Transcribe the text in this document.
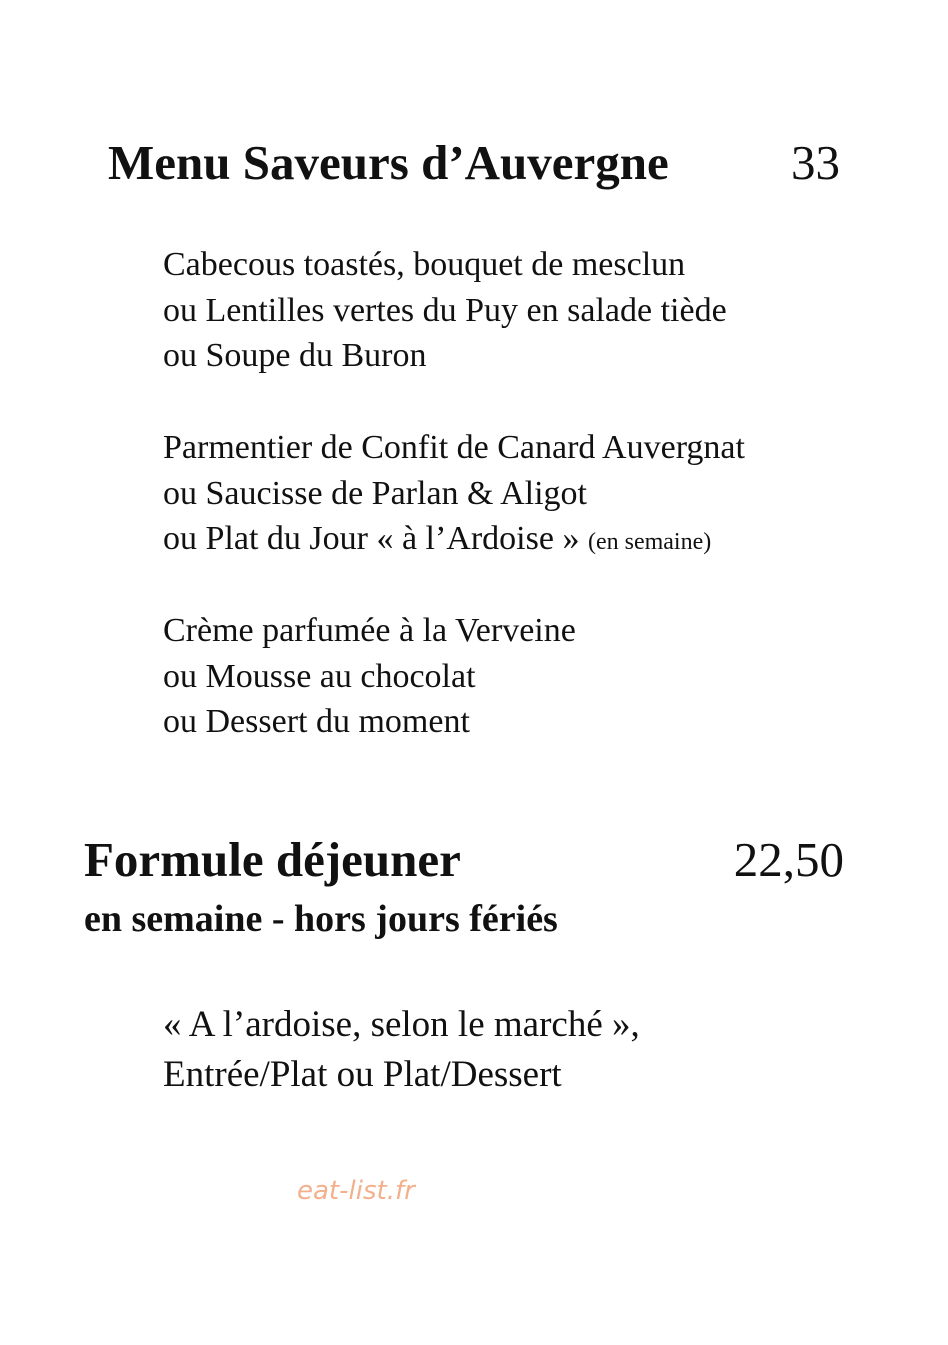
Menu Saveurs d’Auvergne 33
Cabecous toastés, bouquet de mesclun
ou Lentilles vertes du Puy en salade tiède
ou Soupe du Buron
Parmentier de Confit de Canard Auvergnat
ou Saucisse de Parlan & Aligot
ou Plat du Jour « à l’Ardoise » (en semaine)
Crème parfumée à la Verveine
ou Mousse au chocolat
ou Dessert du moment
Formule déjeuner	22,50
en semaine - hors jours fériés
« A l’ardoise, selon le marché »,
Entrée/Plat ou Plat/Dessert
eat-list.fr
